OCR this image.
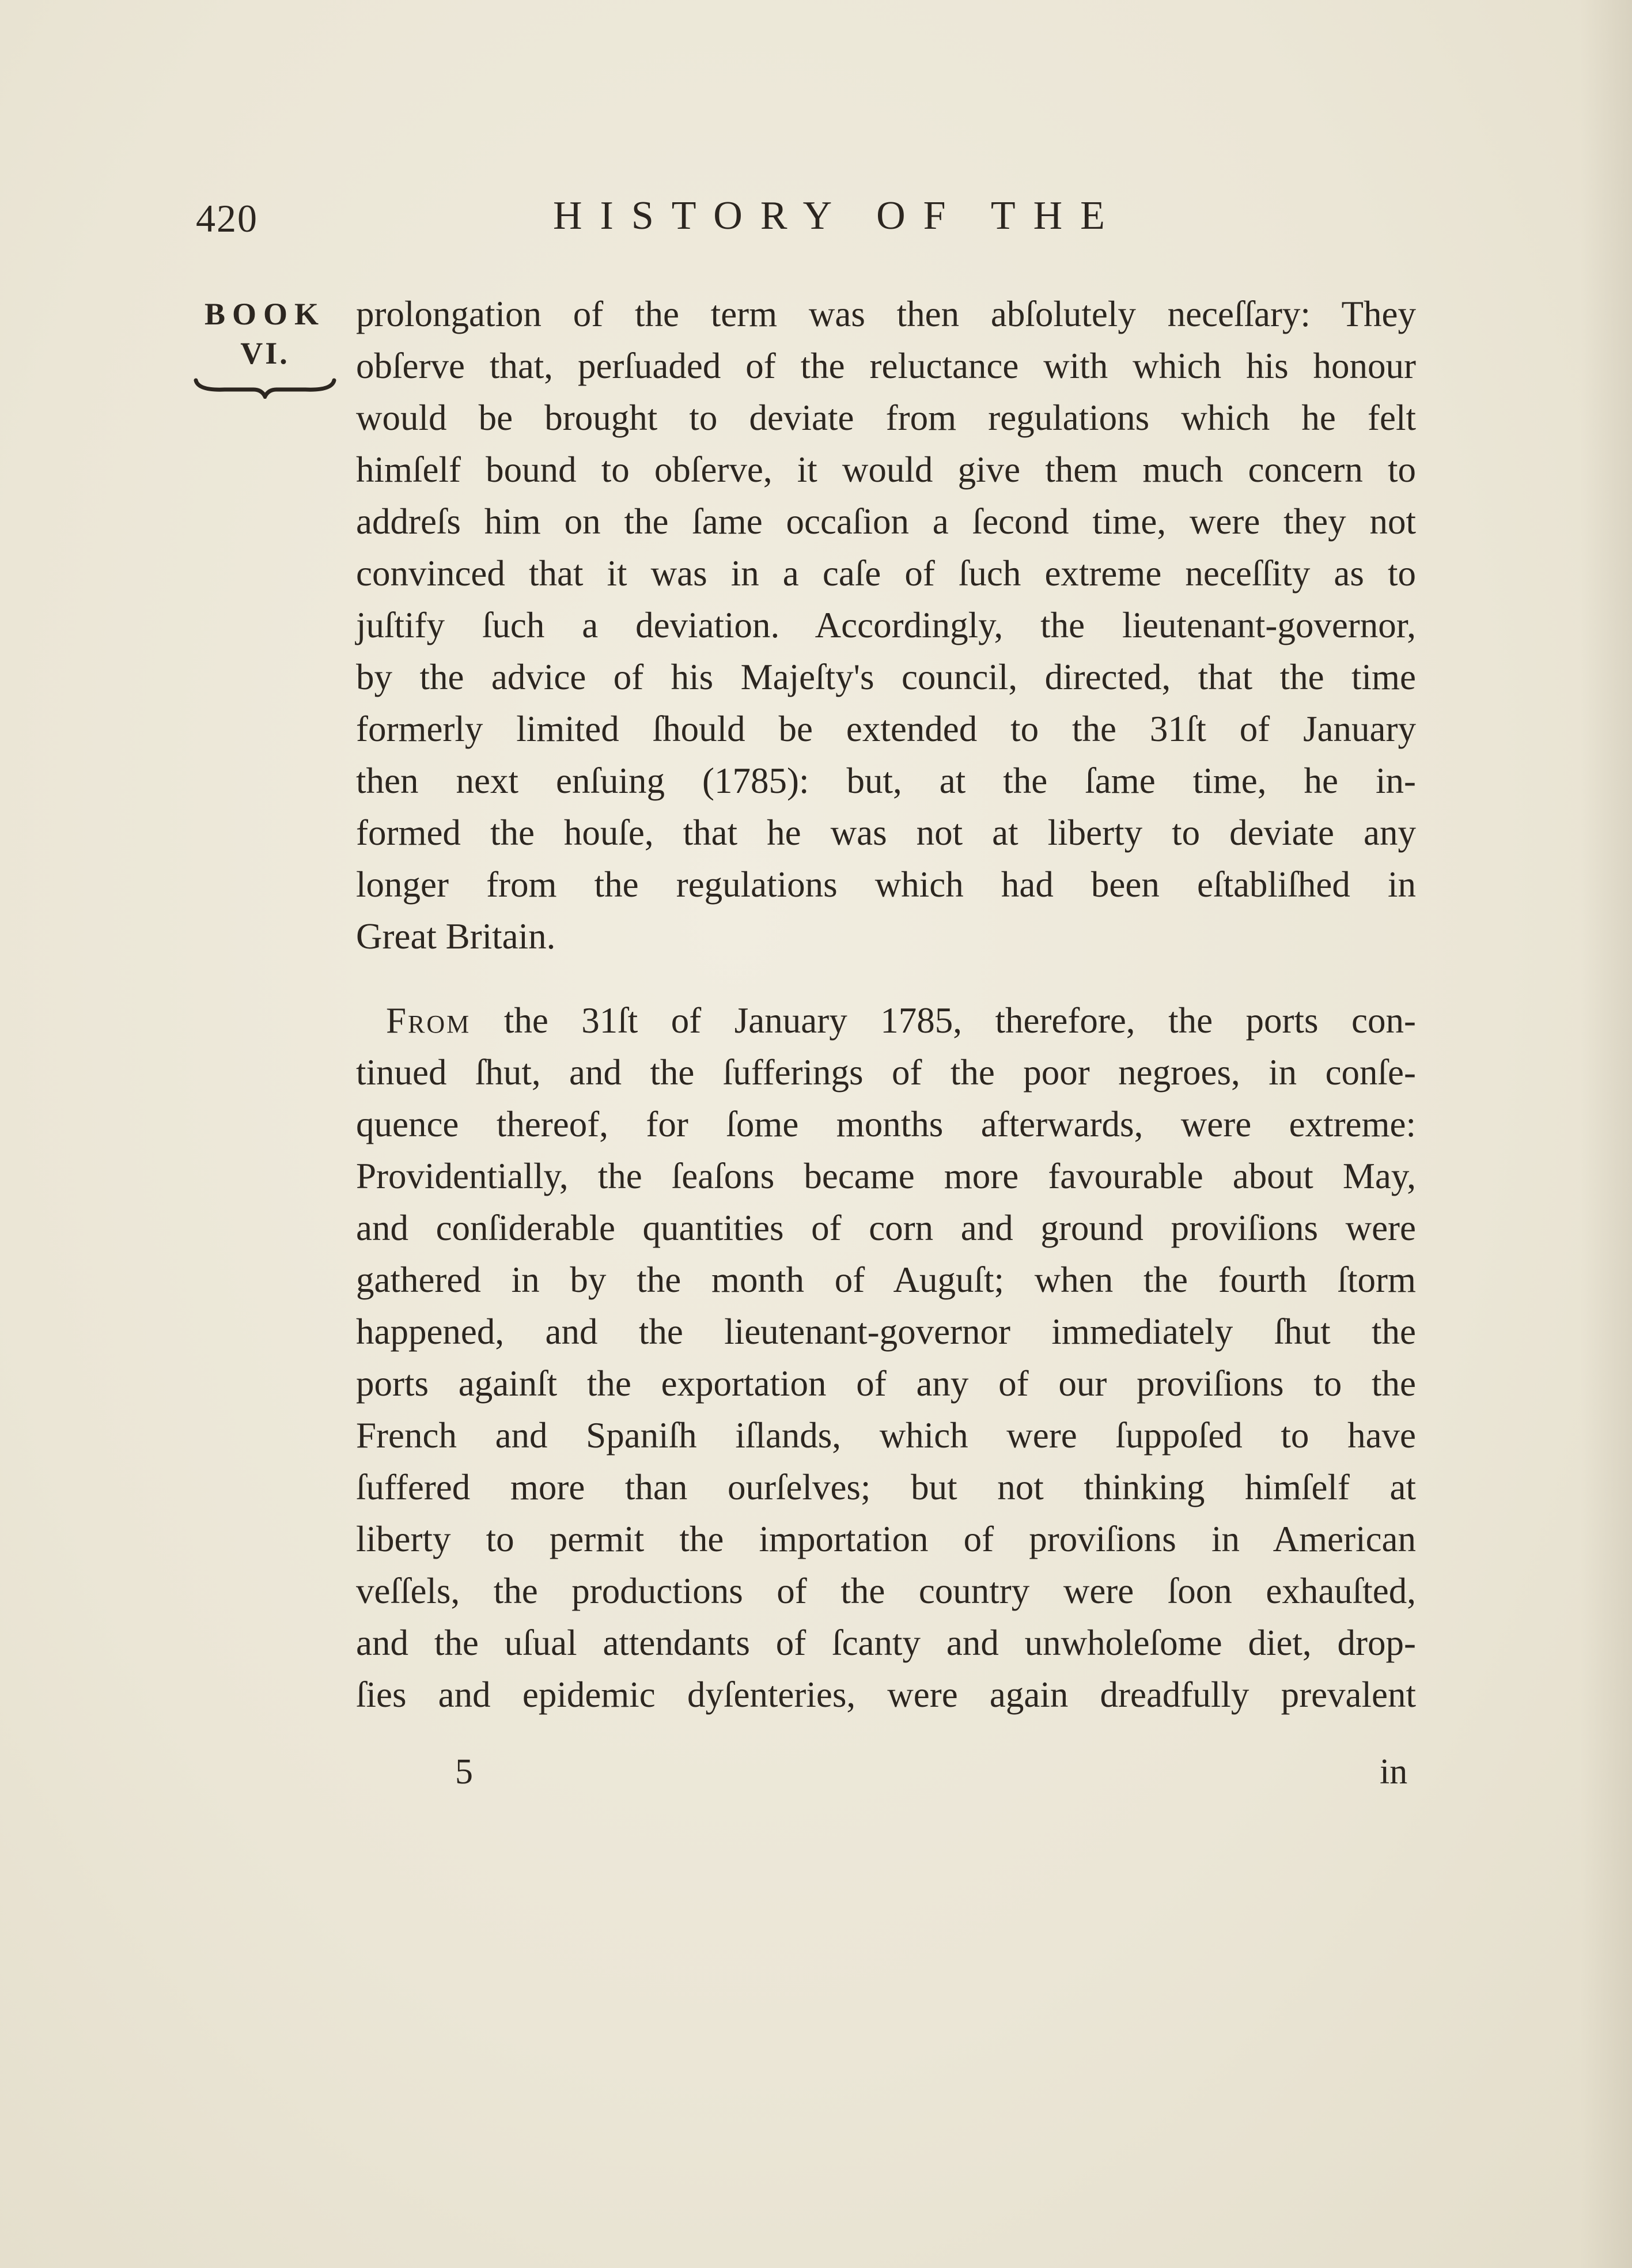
420	HISTORY OF THE
BOOK
VI.
prolongation of the term was then abſolutely neceſſary: They
obſerve that, perſuaded of the reluctance with which his honour
would be brought to deviate from regulations which he felt
himſelf bound to obſerve, it would give them much concern to
addreſs him on the ſame occaſion a ſecond time, were they not
convinced that it was in a caſe of ſuch extreme neceſſity as to
juſtify ſuch a deviation. Accordingly, the lieutenant-governor,
by the advice of his Majeſty's council, directed, that the time
formerly limited ſhould be extended to the 31ſt of January
then next enſuing (1785): but, at the ſame time, he in-
formed the houſe, that he was not at liberty to deviate any
longer from the regulations which had been eſtabliſhed in
Great Britain.
From the 31ſt of January 1785, therefore, the ports con-
tinued ſhut, and the ſufferings of the poor negroes, in conſe-
quence thereof, for ſome months afterwards, were extreme:
Providentially, the ſeaſons became more favourable about May,
and conſiderable quantities of corn and ground proviſions were
gathered in by the month of Auguſt; when the fourth ſtorm
happened, and the lieutenant-governor immediately ſhut the
ports againſt the exportation of any of our proviſions to the
French and Spaniſh iſlands, which were ſuppoſed to have
ſuffered more than ourſelves; but not thinking himſelf at
liberty to permit the importation of proviſions in American
veſſels, the productions of the country were ſoon exhauſted,
and the uſual attendants of ſcanty and unwholeſome diet, drop-
ſies and epidemic dyſenteries, were again dreadfully prevalent
5	in
